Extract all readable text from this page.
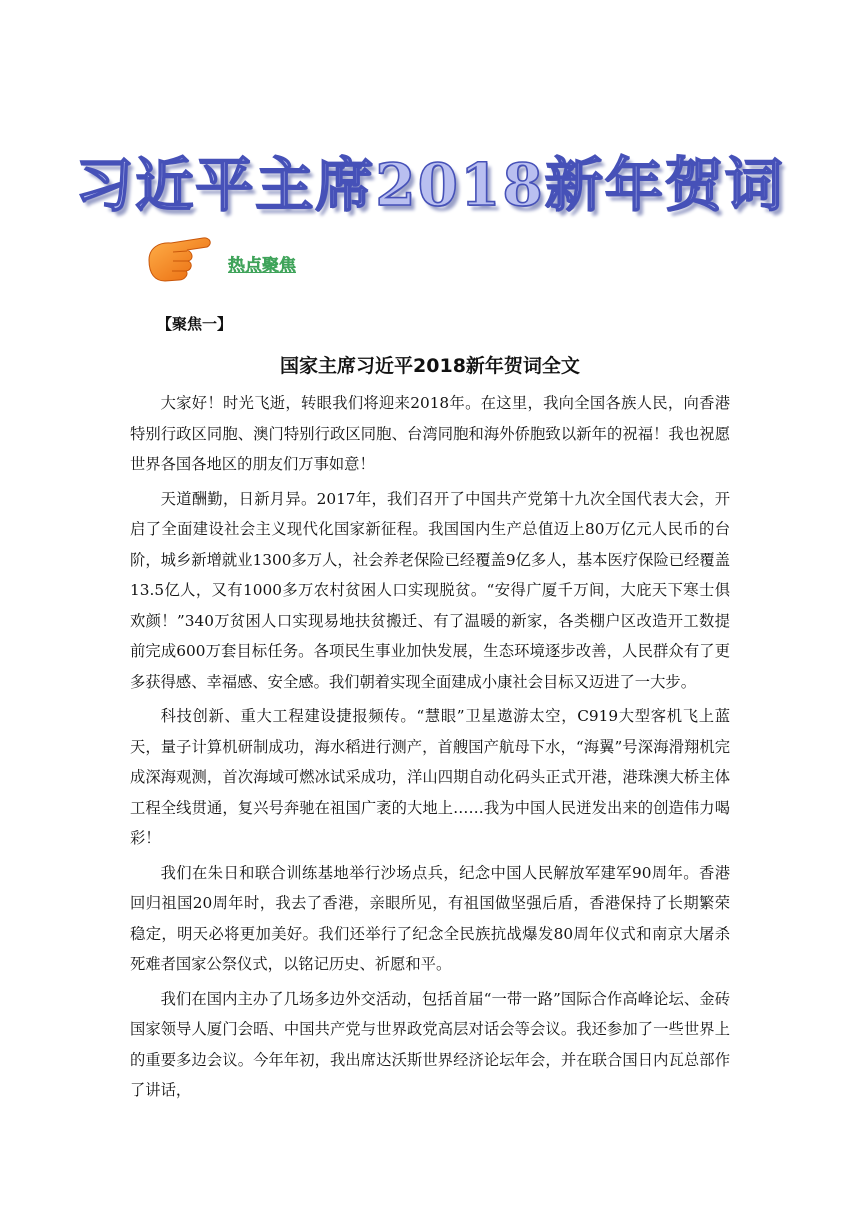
习近平主席2018新年贺词
热点聚焦
【聚焦一】
国家主席习近平2018新年贺词全文

大家好！时光飞逝，转眼我们将迎来2018年。在这里，我向全国各族人民，向香港特别行政区同胞、澳门特别行政区同胞、台湾同胞和海外侨胞致以新年的祝福！我也祝愿世界各国各地区的朋友们万事如意！

天道酬勤，日新月异。2017年，我们召开了中国共产党第十九次全国代表大会，开启了全面建设社会主义现代化国家新征程。我国国内生产总值迈上80万亿元人民币的台阶，城乡新增就业1300多万人，社会养老保险已经覆盖9亿多人，基本医疗保险已经覆盖13.5亿人，又有1000多万农村贫困人口实现脱贫。“安得广厦千万间，大庇天下寒士俱欢颜！”340万贫困人口实现易地扶贫搬迁、有了温暖的新家，各类棚户区改造开工数提前完成600万套目标任务。各项民生事业加快发展，生态环境逐步改善，人民群众有了更多获得感、幸福感、安全感。我们朝着实现全面建成小康社会目标又迈进了一大步。

科技创新、重大工程建设捷报频传。“慧眼”卫星遨游太空，C919大型客机飞上蓝天，量子计算机研制成功，海水稻进行测产，首艘国产航母下水，“海翼”号深海滑翔机完成深海观测，首次海域可燃冰试采成功，洋山四期自动化码头正式开港，港珠澳大桥主体工程全线贯通，复兴号奔驰在祖国广袤的大地上……我为中国人民迸发出来的创造伟力喝彩！

我们在朱日和联合训练基地举行沙场点兵，纪念中国人民解放军建军90周年。香港回归祖国20周年时，我去了香港，亲眼所见，有祖国做坚强后盾，香港保持了长期繁荣稳定，明天必将更加美好。我们还举行了纪念全民族抗战爆发80周年仪式和南京大屠杀死难者国家公祭仪式，以铭记历史、祈愿和平。

我们在国内主办了几场多边外交活动，包括首届“一带一路”国际合作高峰论坛、金砖国家领导人厦门会晤、中国共产党与世界政党高层对话会等会议。我还参加了一些世界上的重要多边会议。今年年初，我出席达沃斯世界经济论坛年会，并在联合国日内瓦总部作了讲话，
